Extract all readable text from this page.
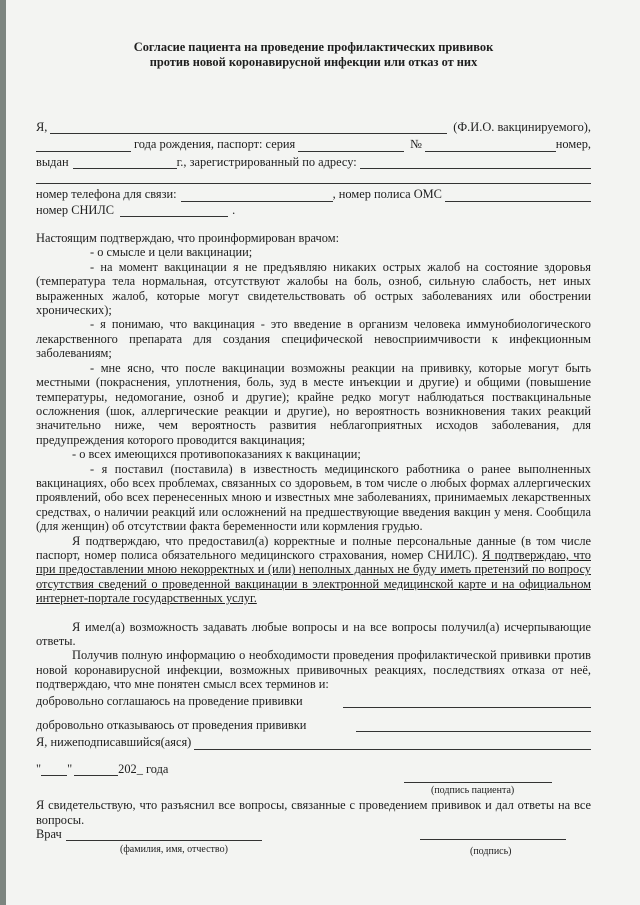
Согласие пациента на проведение профилактических прививок
против новой коронавирусной инфекции или отказ от них
Я,	(Ф.И.О. вакцинируемого),
года рождения, паспорт: серия	№	номер,
выдан	г., зарегистрированный по адресу:
номер телефона для связи:	, номер полиса ОМС
номер СНИЛС	.

Настоящим подтверждаю, что проинформирован врачом:

- о смысле и цели вакцинации;

- на момент вакцинации я не предъявляю никаких острых жалоб на состояние здоровья (температура тела нормальная, отсутствуют жалобы на боль, озноб, сильную слабость, нет иных выраженных жалоб, которые могут свидетельствовать об острых заболеваниях или обострении хронических);

- я понимаю, что вакцинация - это введение в организм человека иммунобиологического лекарственного препарата для создания специфической невосприимчивости к инфекционным заболеваниям;

- мне ясно, что после вакцинации возможны реакции на прививку, которые могут быть местными (покраснения, уплотнения, боль, зуд в месте инъекции и другие) и общими (повышение температуры, недомогание, озноб и другие); крайне редко могут наблюдаться поствакцинальные осложнения (шок, аллергические реакции и другие), но вероятность возникновения таких реакций значительно ниже, чем вероятность развития неблагоприятных исходов заболевания, для предупреждения которого проводится вакцинация;

- о всех имеющихся противопоказаниях к вакцинации;

- я поставил (поставила) в известность медицинского работника о ранее выполненных вакцинациях, обо всех проблемах, связанных со здоровьем, в том числе о любых формах аллергических проявлений, обо всех перенесенных мною и известных мне заболеваниях, принимаемых лекарственных средствах, о наличии реакций или осложнений на предшествующие введения вакцин у меня. Сообщила (для женщин) об отсутствии факта беременности или кормления грудью.

Я подтверждаю, что предоставил(а) корректные и полные персональные данные (в том числе паспорт, номер полиса обязательного медицинского страхования, номер СНИЛС). Я подтверждаю, что при предоставлении мною некорректных и (или) неполных данных не буду иметь претензий по вопросу отсутствия сведений о проведенной вакцинации в электронной медицинской карте и на официальном интернет-портале государственных услуг.

Я имел(а) возможность задавать любые вопросы и на все вопросы получил(а) исчерпывающие ответы.

Получив полную информацию о необходимости проведения профилактической прививки против новой коронавирусной инфекции, возможных прививочных реакциях, последствиях отказа от неё, подтверждаю, что мне понятен смысл всех терминов и:

добровольно соглашаюсь на проведение прививки
добровольно отказываюсь от проведения прививки
Я, нижеподписавшийся(аяся)
" "	202_ года
(подпись пациента)

Я свидетельствую, что разъяснил все вопросы, связанные с проведением прививок и дал ответы на все вопросы.

Врач
(фамилия, имя, отчество)	(подпись)
